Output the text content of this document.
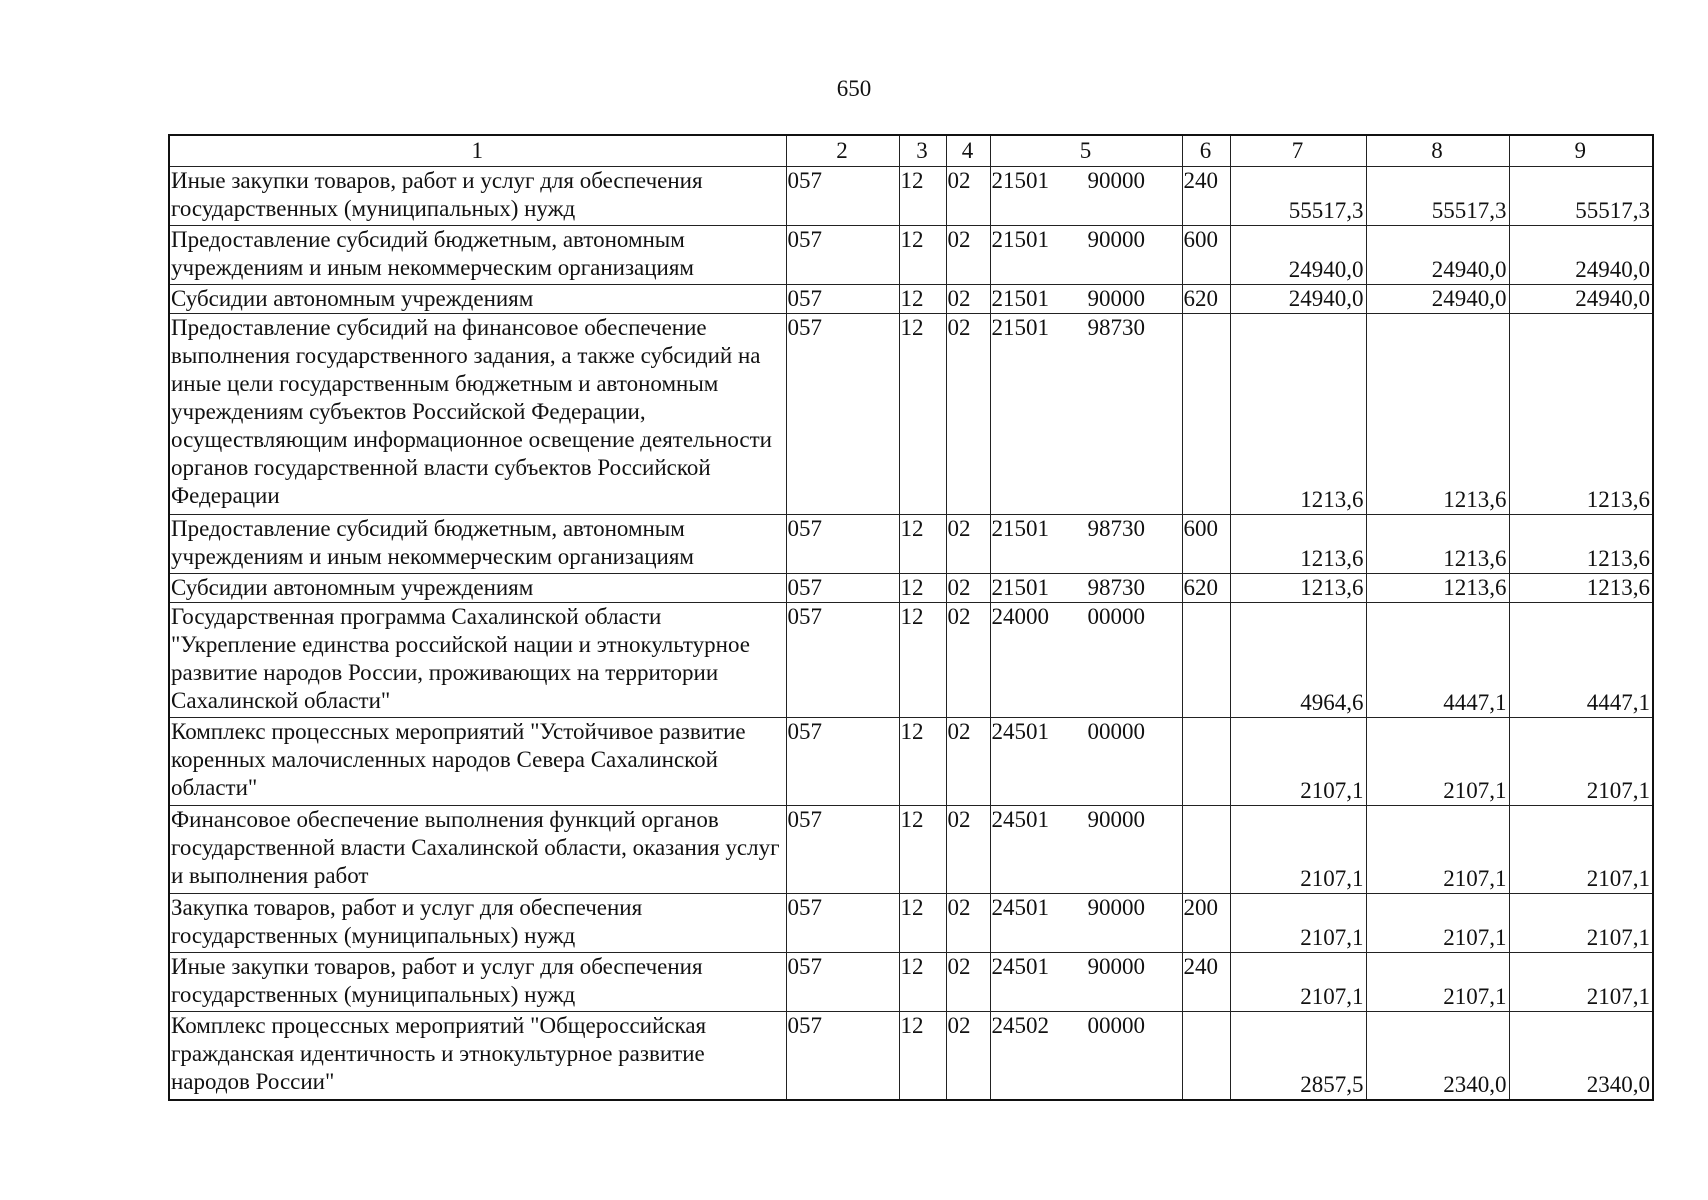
650
1	2	3	4	5	6	7	8	9
Иные закупки товаров, работ и услуг для обеспечения государственных (муниципальных) нужд	057	12	02	21501 90000	240	55517,3	55517,3	55517,3
Предоставление субсидий бюджетным, автономным учреждениям и иным некоммерческим организациям	057	12	02	21501 90000	600	24940,0	24940,0	24940,0
Субсидии автономным учреждениям	057	12	02	21501 90000	620	24940,0	24940,0	24940,0
Предоставление субсидий на финансовое обеспечение выполнения государственного задания, а также субсидий на иные цели государственным бюджетным и автономным учреждениям субъектов Российской Федерации, осуществляющим информационное освещение деятельности органов государственной власти субъектов Российской Федерации	057	12	02	21501 98730		1213,6	1213,6	1213,6
Предоставление субсидий бюджетным, автономным учреждениям и иным некоммерческим организациям	057	12	02	21501 98730	600	1213,6	1213,6	1213,6
Субсидии автономным учреждениям	057	12	02	21501 98730	620	1213,6	1213,6	1213,6
Государственная программа Сахалинской области "Укрепление единства российской нации и этнокультурное развитие народов России, проживающих на территории Сахалинской области"	057	12	02	24000 00000		4964,6	4447,1	4447,1
Комплекс процессных мероприятий "Устойчивое развитие коренных малочисленных народов Севера Сахалинской области"	057	12	02	24501 00000		2107,1	2107,1	2107,1
Финансовое обеспечение выполнения функций органов государственной власти Сахалинской области, оказания услуг и выполнения работ	057	12	02	24501 90000		2107,1	2107,1	2107,1
Закупка товаров, работ и услуг для обеспечения государственных (муниципальных) нужд	057	12	02	24501 90000	200	2107,1	2107,1	2107,1
Иные закупки товаров, работ и услуг для обеспечения государственных (муниципальных) нужд	057	12	02	24501 90000	240	2107,1	2107,1	2107,1
Комплекс процессных мероприятий "Общероссийская гражданская идентичность и этнокультурное развитие народов России"	057	12	02	24502 00000		2857,5	2340,0	2340,0
